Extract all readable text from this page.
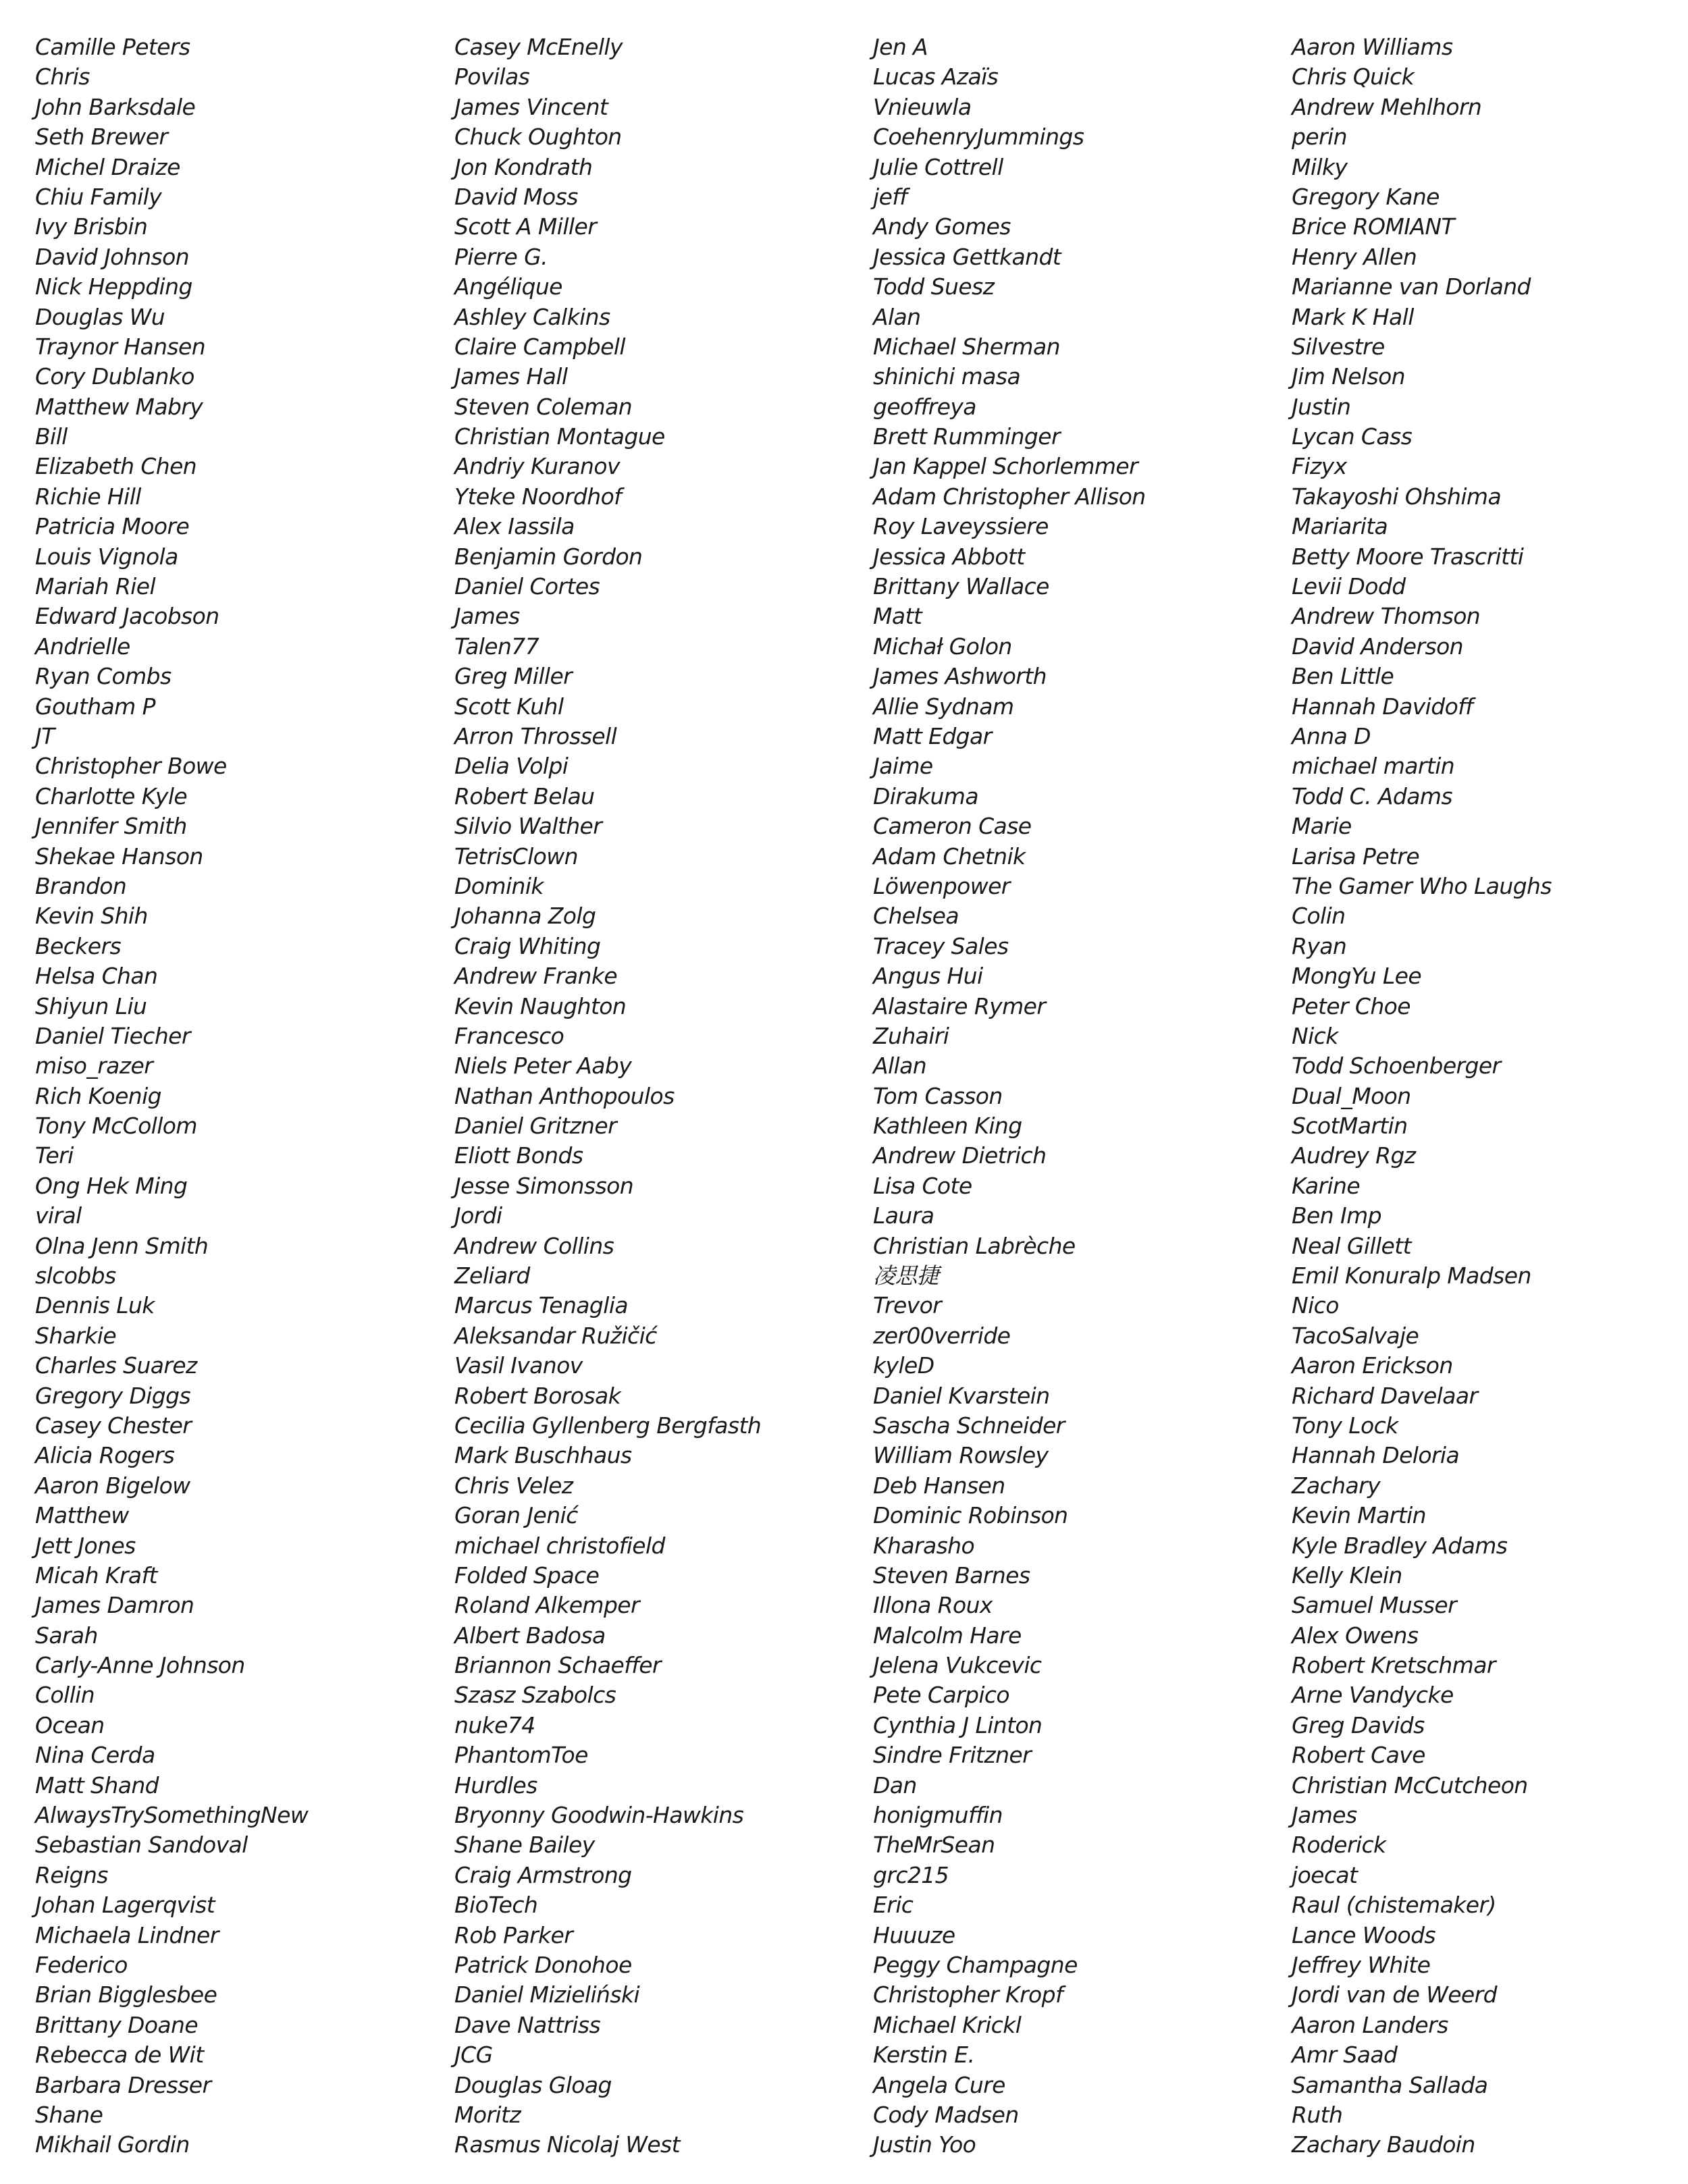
Camille Peters
Chris
John Barksdale
Seth Brewer
Michel Draize
Chiu Family
Ivy Brisbin
David Johnson
Nick Heppding
Douglas Wu
Traynor Hansen
Cory Dublanko
Matthew Mabry
Bill
Elizabeth Chen
Richie Hill
Patricia Moore
Louis Vignola
Mariah Riel
Edward Jacobson
Andrielle
Ryan Combs
Goutham P
JT
Christopher Bowe
Charlotte Kyle
Jennifer Smith
Shekae Hanson
Brandon
Kevin Shih
Beckers
Helsa Chan
Shiyun Liu
Daniel Tiecher
miso_razer
Rich Koenig
Tony McCollom
Teri
Ong Hek Ming
viral
Olna Jenn Smith
slcobbs
Dennis Luk
Sharkie
Charles Suarez
Gregory Diggs
Casey Chester
Alicia Rogers
Aaron Bigelow
Matthew
Jett Jones
Micah Kraft
James Damron
Sarah
Carly-Anne Johnson
Collin
Ocean
Nina Cerda
Matt Shand
AlwaysTrySomethingNew
Sebastian Sandoval
Reigns
Johan Lagerqvist
Michaela Lindner
Federico
Brian Bigglesbee
Brittany Doane
Rebecca de Wit
Barbara Dresser
Shane
Mikhail Gordin
Casey McEnelly
Povilas
James Vincent
Chuck Oughton
Jon Kondrath
David Moss
Scott A Miller
Pierre G.
Angélique
Ashley Calkins
Claire Campbell
James Hall
Steven Coleman
Christian Montague
Andriy Kuranov
Yteke Noordhof
Alex Iassila
Benjamin Gordon
Daniel Cortes
James
Talen77
Greg Miller
Scott Kuhl
Arron Throssell
Delia Volpi
Robert Belau
Silvio Walther
TetrisClown
Dominik
Johanna Zolg
Craig Whiting
Andrew Franke
Kevin Naughton
Francesco
Niels Peter Aaby
Nathan Anthopoulos
Daniel Gritzner
Eliott Bonds
Jesse Simonsson
Jordi
Andrew Collins
Zeliard
Marcus Tenaglia
Aleksandar Ružičić
Vasil Ivanov
Robert Borosak
Cecilia Gyllenberg Bergfasth
Mark Buschhaus
Chris Velez
Goran Jenić
michael christofield
Folded Space
Roland Alkemper
Albert Badosa
Briannon Schaeffer
Szasz Szabolcs
nuke74
PhantomToe
Hurdles
Bryonny Goodwin-Hawkins
Shane Bailey
Craig Armstrong
BioTech
Rob Parker
Patrick Donohoe
Daniel Mizieliński
Dave Nattriss
JCG
Douglas Gloag
Moritz
Rasmus Nicolaj West
Jen A
Lucas Azaïs
Vnieuwla
CoehenryJummings
Julie Cottrell
jeff
Andy Gomes
Jessica Gettkandt
Todd Suesz
Alan
Michael Sherman
shinichi masa
geoffreya
Brett Rumminger
Jan Kappel Schorlemmer
Adam Christopher Allison
Roy Laveyssiere
Jessica Abbott
Brittany Wallace
Matt
Michał Golon
James Ashworth
Allie Sydnam
Matt Edgar
Jaime
Dirakuma
Cameron Case
Adam Chetnik
Löwenpower
Chelsea
Tracey Sales
Angus Hui
Alastaire Rymer
Zuhairi
Allan
Tom Casson
Kathleen King
Andrew Dietrich
Lisa Cote
Laura
Christian Labrèche
凌思捷
Trevor
zer00verride
kyleD
Daniel Kvarstein
Sascha Schneider
William Rowsley
Deb Hansen
Dominic Robinson
Kharasho
Steven Barnes
Illona Roux
Malcolm Hare
Jelena Vukcevic
Pete Carpico
Cynthia J Linton
Sindre Fritzner
Dan
honigmuffin
TheMrSean
grc215
Eric
Huuuze
Peggy Champagne
Christopher Kropf
Michael Krickl
Kerstin E.
Angela Cure
Cody Madsen
Justin Yoo
Aaron Williams
Chris Quick
Andrew Mehlhorn
perin
Milky
Gregory Kane
Brice ROMIANT
Henry Allen
Marianne van Dorland
Mark K Hall
Silvestre
Jim Nelson
Justin
Lycan Cass
Fizyx
Takayoshi Ohshima
Mariarita
Betty Moore Trascritti
Levii Dodd
Andrew Thomson
David Anderson
Ben Little
Hannah Davidoff
Anna D
michael martin
Todd C. Adams
Marie
Larisa Petre
The Gamer Who Laughs
Colin
Ryan
MongYu Lee
Peter Choe
Nick
Todd Schoenberger
Dual_Moon
ScotMartin
Audrey Rgz
Karine
Ben Imp
Neal Gillett
Emil Konuralp Madsen
Nico
TacoSalvaje
Aaron Erickson
Richard Davelaar
Tony Lock
Hannah Deloria
Zachary
Kevin Martin
Kyle Bradley Adams
Kelly Klein
Samuel Musser
Alex Owens
Robert Kretschmar
Arne Vandycke
Greg Davids
Robert Cave
Christian McCutcheon
James
Roderick
joecat
Raul (chistemaker)
Lance Woods
Jeffrey White
Jordi van de Weerd
Aaron Landers
Amr Saad
Samantha Sallada
Ruth
Zachary Baudoin
